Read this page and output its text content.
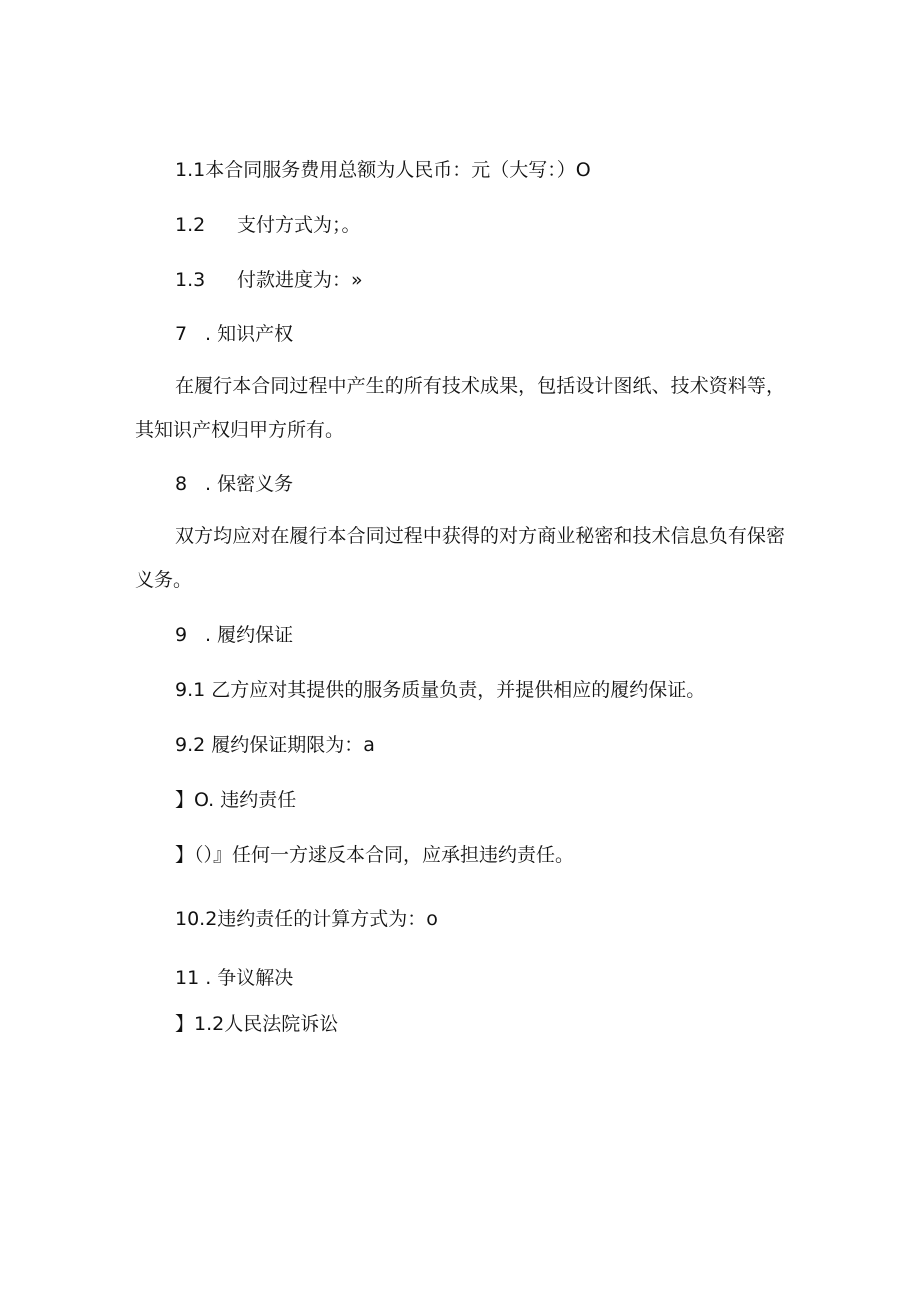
1.1本合同服务费用总额为人民币：元（大写：）O
1.2 支付方式为；。
1.3 付款进度为：»
7 . 知识产权
在履行本合同过程中产生的所有技术成果，包括设计图纸、技术资料等，其知识产权归甲方所有。
8 . 保密义务
双方均应对在履行本合同过程中获得的对方商业秘密和技术信息负有保密义务。
9 . 履约保证
9.1 乙方应对其提供的服务质量负责，并提供相应的履约保证。
9.2 履约保证期限为：a
】O. 违约责任
】（）』任何一方逑反本合同，应承担违约责任。
10.2违约责任的计算方式为：o
11 . 争议解决
】1.2人民法院诉讼
